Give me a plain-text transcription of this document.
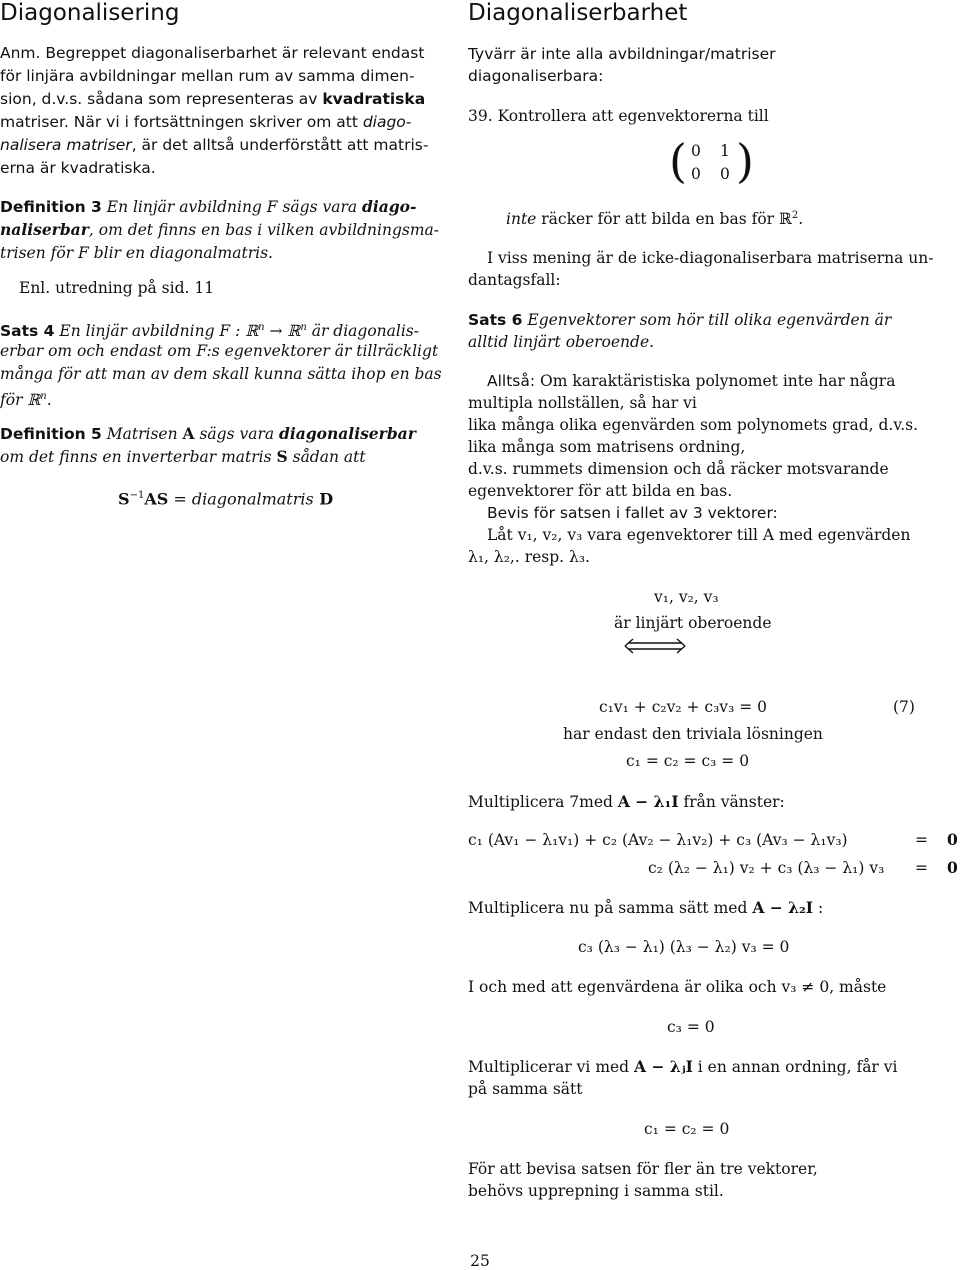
Diagonalisering
Anm. Begreppet diagonaliserbarhet är relevant endast
för linjära avbildningar mellan rum av samma dimen-
sion, d.v.s. sådana som representeras av kvadratiska
matriser. När vi i fortsättningen skriver om att diago-
nalisera matriser, är det alltså underförstått att matris-
erna är kvadratiska.
Definition 3 En linjär avbildning F sägs vara diago-
naliserbar, om det finns en bas i vilken avbildningsma-
trisen för F blir en diagonalmatris.
Enl. utredning på sid. 11
Sats 4 En linjär avbildning F : ℝ$^n$ → ℝ$^n$ är diagonalis-
erbar om och endast om F:s egenvektorer är tillräckligt
många för att man av dem skall kunna sätta ihop en bas
för ℝ$^n$.
Definition 5 Matrisen A sägs vara diagonaliserbar
om det finns en inverterbar matris S sådan att
$S^{-1}AS$ = diagonalmatris D
Diagonaliserbarhet
Tyvärr är inte alla avbildningar/matriser
diagonaliserbara:
39. Kontrollera att egenvektorerna till
( 0 1
0 0 )
inte räcker för att bilda en bas för ℝ$^2$.
I viss mening är de icke-diagonaliserbara matriserna un-
dantagsfall:
Sats 6 Egenvektorer som hör till olika egenvärden är
alltid linjärt oberoende.
Alltså: Om karaktäristiska polynomet inte har några
multipla nollställen, så har vi
lika många olika egenvärden som polynomets grad, d.v.s.
lika många som matrisens ordning,
d.v.s. rummets dimension och då räcker motsvarande
egenvektorer för att bilda en bas.
Bevis för satsen i fallet av 3 vektorer:
Låt v₁, v₂, v₃ vara egenvektorer till A med egenvärden
λ₁, λ₂,. resp. λ₃.
v₁, v₂, v₃
är linjärt oberoende
c₁v₁ + c₂v₂ + c₃v₃ = 0	(7)
har endast den triviala lösningen
c₁ = c₂ = c₃ = 0
Multiplicera 7med A − λ₁I från vänster:
c₁ (Av₁ − λ₁v₁) + c₂ (Av₂ − λ₁v₂) + c₃ (Av₃ − λ₁v₃)	= 0
c₂ (λ₂ − λ₁) v₂ + c₃ (λ₃ − λ₁) v₃ = 0
Multiplicera nu på samma sätt med A − λ₂I :
c₃ (λ₃ − λ₁) (λ₃ − λ₂) v₃ = 0
I och med att egenvärdena är olika och v₃ ≠ 0, måste
c₃ = 0
Multiplicerar vi med A − λⱼI i en annan ordning, får vi
på samma sätt
c₁ = c₂ = 0
För att bevisa satsen för fler än tre vektorer,
behövs upprepning i samma stil.
25
